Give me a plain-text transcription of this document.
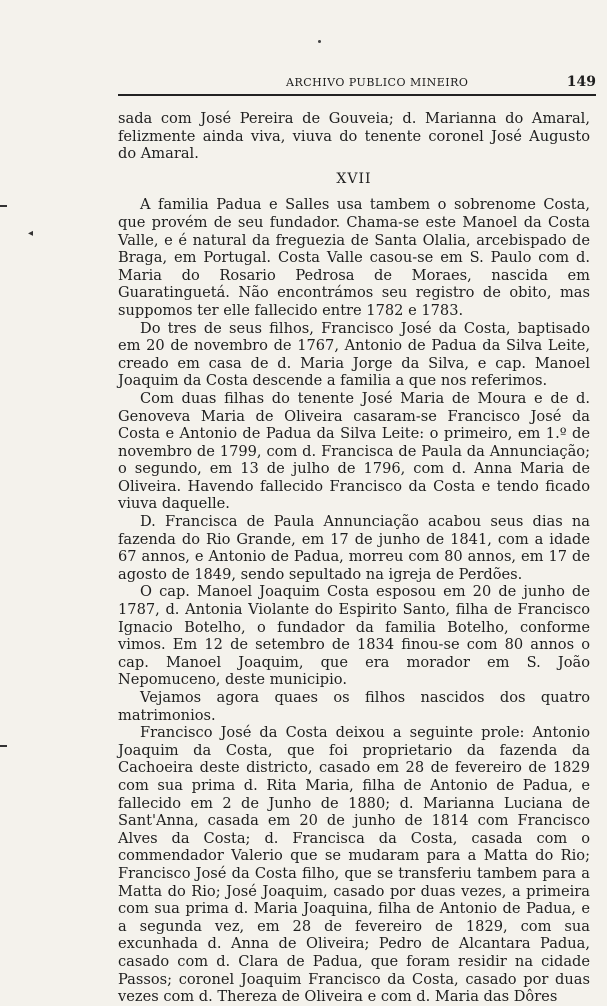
ARCHIVO PUBLICO MINEIRO	149
◂

sada com José Pereira de Gouveia; d. Marianna do Amaral, felizmente ainda viva, viuva do tenente coronel José Augusto do Amaral.

XVII

A familia Padua e Salles usa tambem o sobrenome Costa, que provém de seu fundador. Chama-se este Manoel da Costa Valle, e é natural da freguezia de Santa Olalia, arcebispado de Braga, em Portugal. Costa Valle casou-se em S. Paulo com d. Maria do Rosario Pedrosa de Moraes, nascida em Guaratinguetá. Não encontrámos seu registro de obito, mas suppomos ter elle fallecido entre 1782 e 1783.

Do tres de seus filhos, Francisco José da Costa, baptisado em 20 de novembro de 1767, Antonio de Padua da Silva Leite, creado em casa de d. Maria Jorge da Silva, e cap. Manoel Joaquim da Costa descende a familia a que nos referimos.

Com duas filhas do tenente José Maria de Moura e de d. Genoveva Maria de Oliveira casaram-se Francisco José da Costa e Antonio de Padua da Silva Leite: o primeiro, em 1.º de novembro de 1799, com d. Francisca de Paula da Annunciação; o segundo, em 13 de julho de 1796, com d. Anna Maria de Oliveira. Havendo fallecido Francisco da Costa e tendo ficado viuva daquelle.

D. Francisca de Paula Annunciação acabou seus dias na fazenda do Rio Grande, em 17 de junho de 1841, com a idade 67 annos, e Antonio de Padua, morreu com 80 annos, em 17 de agosto de 1849, sendo sepultado na igreja de Perdões.

O cap. Manoel Joaquim Costa esposou em 20 de junho de 1787, d. Antonia Violante do Espirito Santo, filha de Francisco Ignacio Botelho, o fundador da familia Botelho, conforme vimos. Em 12 de setembro de 1834 finou-se com 80 annos o cap. Manoel Joaquim, que era morador em S. João Nepomuceno, deste municipio.

Vejamos agora quaes os filhos nascidos dos quatro matrimonios.

Francisco José da Costa deixou a seguinte prole: Antonio Joaquim da Costa, que foi proprietario da fazenda da Cachoeira deste districto, casado em 28 de fevereiro de 1829 com sua prima d. Rita Maria, filha de Antonio de Padua, e fallecido em 2 de Junho de 1880; d. Marianna Luciana de Sant'Anna, casada em 20 de junho de 1814 com Francisco Alves da Costa; d. Francisca da Costa, casada com o commendador Valerio que se mudaram para a Matta do Rio; Francisco José da Costa filho, que se transferiu tambem para a Matta do Rio; José Joaquim, casado por duas vezes, a primeira com sua prima d. Maria Joaquina, filha de Antonio de Padua, e a segunda vez, em 28 de fevereiro de 1829, com sua excunhada d. Anna de Oliveira; Pedro de Alcantara Padua, casado com d. Clara de Padua, que foram residir na cidade Passos; coronel Joaquim Francisco da Costa, casado por duas vezes com d. Thereza de Oliveira e com d. Maria das Dôres
